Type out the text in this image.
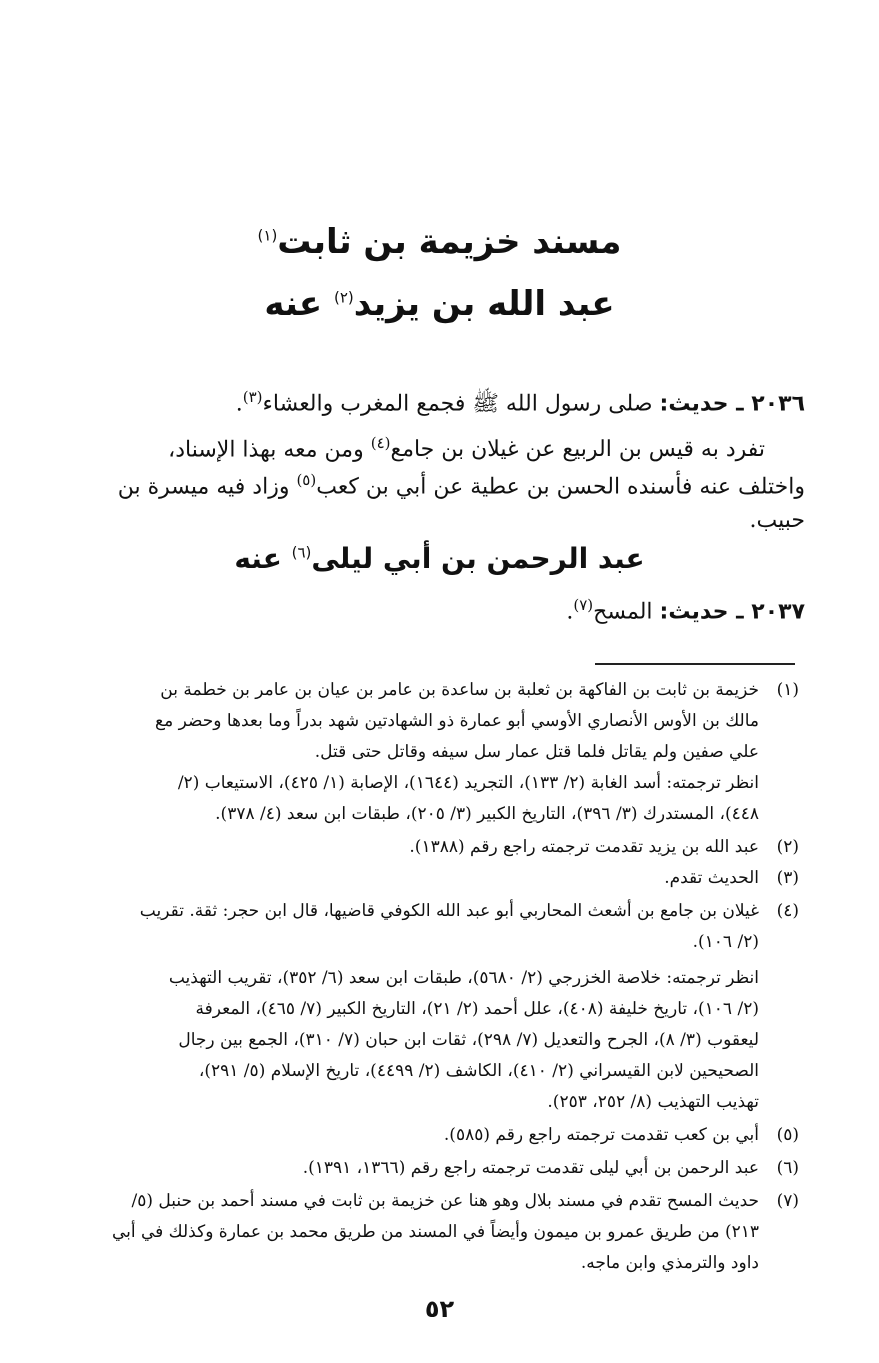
مسند خزيمة بن ثابت$^{(١)}$
عبد الله بن يزيد$^{(٢)}$ عنه
٢٠٣٦ ـ حديث: صلى رسول الله ﷺ فجمع المغرب والعشاء$^{(٣)}$.
تفرد به قيس بن الربيع عن غيلان بن جامع$^{(٤)}$ ومن معه بهذا الإسناد،
واختلف عنه فأسنده الحسن بن عطية عن أبي بن كعب$^{(٥)}$ وزاد فيه ميسرة بن
حبيب.
عبد الرحمن بن أبي ليلى$^{(٦)}$ عنه
٢٠٣٧ ـ حديث: المسح$^{(٧)}$.
(١)
خزيمة بن ثابت بن الفاكهة بن ثعلبة بن ساعدة بن عامر بن عيان بن عامر بن خطمة بن
مالك بن الأوس الأنصاري الأوسي أبو عمارة ذو الشهادتين شهد بدراً وما بعدها وحضر مع
علي صفين ولم يقاتل فلما قتل عمار سل سيفه وقاتل حتى قتل.
انظر ترجمته: أسد الغابة (٢/ ١٣٣)، التجريد (١٦٤٤)، الإصابة (١/ ٤٢٥)، الاستيعاب (٢/
٤٤٨)، المستدرك (٣/ ٣٩٦)، التاريخ الكبير (٣/ ٢٠٥)، طبقات ابن سعد (٤/ ٣٧٨).
(٢)
عبد الله بن يزيد تقدمت ترجمته راجع رقم (١٣٨٨).
(٣)
الحديث تقدم.
(٤)
غيلان بن جامع بن أشعث المحاربي أبو عبد الله الكوفي قاضيها، قال ابن حجر: ثقة. تقريب
(٢/ ١٠٦).
انظر ترجمته: خلاصة الخزرجي (٢/ ٥٦٨٠)، طبقات ابن سعد (٦/ ٣٥٢)، تقريب التهذيب
(٢/ ١٠٦)، تاريخ خليفة (٤٠٨)، علل أحمد (٢/ ٢١)، التاريخ الكبير (٧/ ٤٦٥)، المعرفة
ليعقوب (٣/ ٨)، الجرح والتعديل (٧/ ٢٩٨)، ثقات ابن حبان (٧/ ٣١٠)، الجمع بين رجال
الصحيحين لابن القيسراني (٢/ ٤١٠)، الكاشف (٢/ ٤٤٩٩)، تاريخ الإسلام (٥/ ٢٩١)،
تهذيب التهذيب (٨/ ٢٥٢، ٢٥٣).
(٥)
أبي بن كعب تقدمت ترجمته راجع رقم (٥٨٥).
(٦)
عبد الرحمن بن أبي ليلى تقدمت ترجمته راجع رقم (١٣٦٦، ١٣٩١).
(٧)
حديث المسح تقدم في مسند بلال وهو هنا عن خزيمة بن ثابت في مسند أحمد بن حنبل (٥/
٢١٣) من طريق عمرو بن ميمون وأيضاً في المسند من طريق محمد بن عمارة وكذلك في أبي
داود والترمذي وابن ماجه.
٥٢
